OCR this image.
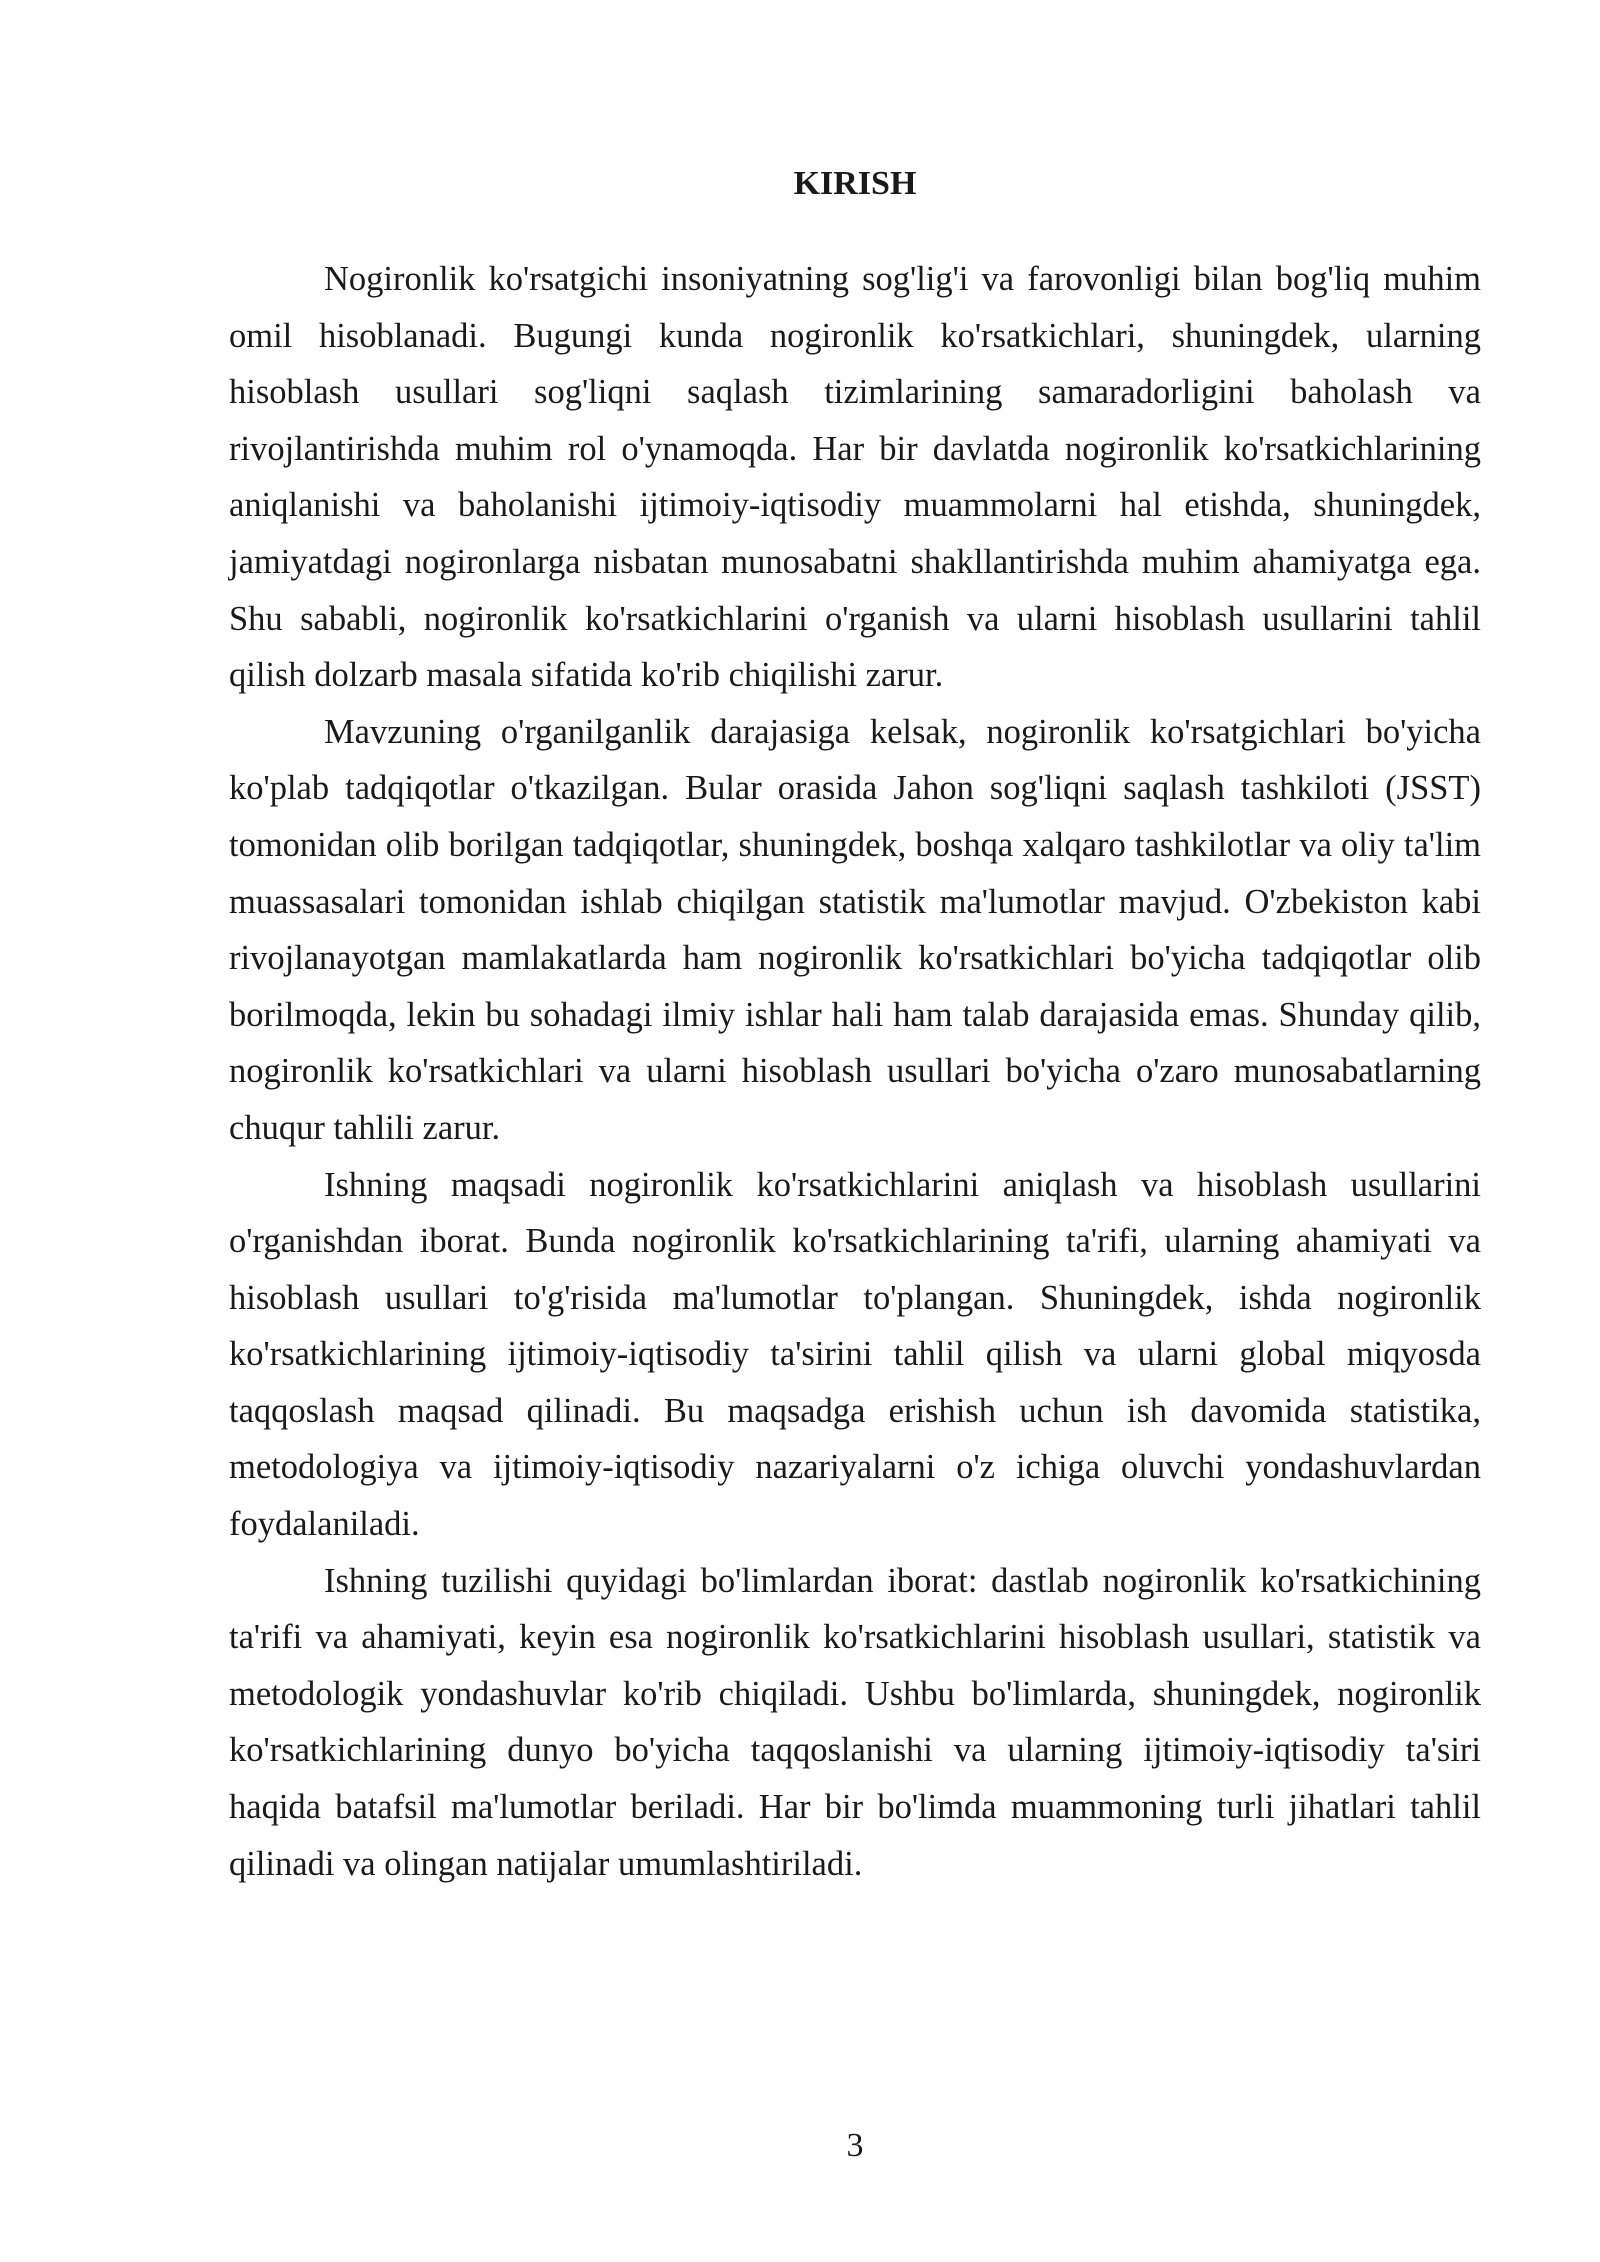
KIRISH

Nogironlik ko'rsatgichi insoniyatning sog'lig'i va farovonligi bilan bog'liq muhim omil hisoblanadi. Bugungi kunda nogironlik ko'rsatkichlari, shuningdek, ularning hisoblash usullari sog'liqni saqlash tizimlarining samaradorligini baholash va rivojlantirishda muhim rol o'ynamoqda. Har bir davlatda nogironlik ko'rsatkichlarining aniqlanishi va baholanishi ijtimoiy-iqtisodiy muammolarni hal etishda, shuningdek, jamiyatdagi nogironlarga nisbatan munosabatni shakllantirishda muhim ahamiyatga ega. Shu sababli, nogironlik ko'rsatkichlarini o'rganish va ularni hisoblash usullarini tahlil qilish dolzarb masala sifatida ko'rib chiqilishi zarur.

Mavzuning o'rganilganlik darajasiga kelsak, nogironlik ko'rsatgichlari bo'yicha ko'plab tadqiqotlar o'tkazilgan. Bular orasida Jahon sog'liqni saqlash tashkiloti (JSST) tomonidan olib borilgan tadqiqotlar, shuningdek, boshqa xalqaro tashkilotlar va oliy ta'lim muassasalari tomonidan ishlab chiqilgan statistik ma'lumotlar mavjud. O'zbekiston kabi rivojlanayotgan mamlakatlarda ham nogironlik ko'rsatkichlari bo'yicha tadqiqotlar olib borilmoqda, lekin bu sohadagi ilmiy ishlar hali ham talab darajasida emas. Shunday qilib, nogironlik ko'rsatkichlari va ularni hisoblash usullari bo'yicha o'zaro munosabatlarning chuqur tahlili zarur.

Ishning maqsadi nogironlik ko'rsatkichlarini aniqlash va hisoblash usullarini o'rganishdan iborat. Bunda nogironlik ko'rsatkichlarining ta'rifi, ularning ahamiyati va hisoblash usullari to'g'risida ma'lumotlar to'plangan. Shuningdek, ishda nogironlik ko'rsatkichlarining ijtimoiy-iqtisodiy ta'sirini tahlil qilish va ularni global miqyosda taqqoslash maqsad qilinadi. Bu maqsadga erishish uchun ish davomida statistika, metodologiya va ijtimoiy-iqtisodiy nazariyalarni o'z ichiga oluvchi yondashuvlardan foydalaniladi.

Ishning tuzilishi quyidagi bo'limlardan iborat: dastlab nogironlik ko'rsatkichining ta'rifi va ahamiyati, keyin esa nogironlik ko'rsatkichlarini hisoblash usullari, statistik va metodologik yondashuvlar ko'rib chiqiladi. Ushbu bo'limlarda, shuningdek, nogironlik ko'rsatkichlarining dunyo bo'yicha taqqoslanishi va ularning ijtimoiy-iqtisodiy ta'siri haqida batafsil ma'lumotlar beriladi. Har bir bo'limda muammoning turli jihatlari tahlil qilinadi va olingan natijalar umumlashtiriladi.

3
